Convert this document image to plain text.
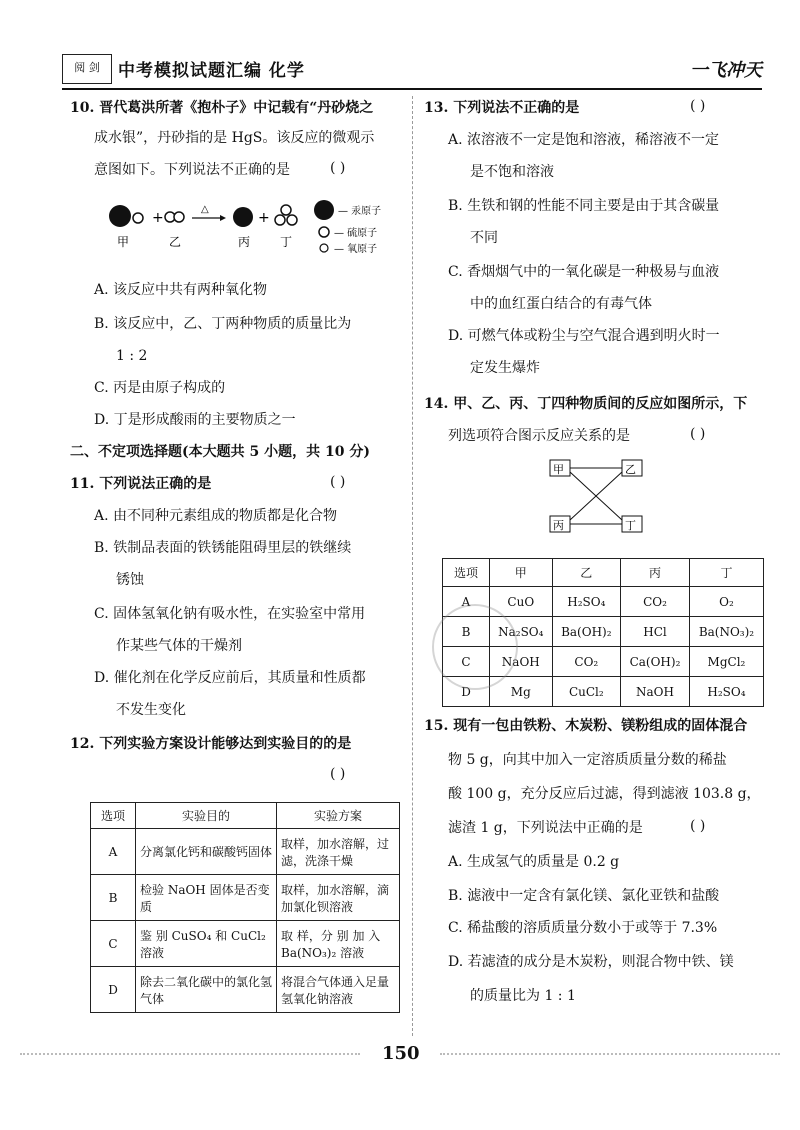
阅 剑	中考模拟试题汇编 化学	一飞冲天
10. 晋代葛洪所著《抱朴子》中记载有“丹砂烧之
成水银”，丹砂指的是 HgS。该反应的微观示
意图如下。下列说法不正确的是	( )
+
△
+
甲	乙	丙 丁
— 汞原子
— 硫原子
— 氧原子
A. 该反应中共有两种氧化物
B. 该反应中，乙、丁两种物质的质量比为
1 : 2
C. 丙是由原子构成的
D. 丁是形成酸雨的主要物质之一
二、不定项选择题(本大题共 5 小题，共 10 分)
11. 下列说法正确的是	( )
A. 由不同种元素组成的物质都是化合物
B. 铁制品表面的铁锈能阻碍里层的铁继续
锈蚀
C. 固体氢氧化钠有吸水性，在实验室中常用
作某些气体的干燥剂
D. 催化剂在化学反应前后，其质量和性质都
不发生变化
12. 下列实验方案设计能够达到实验目的的是
( )
选项	实验目的	实验方案
A	分离氯化钙和碳酸钙固体	取样，加水溶解，过滤，洗涤干燥
B	检验 NaOH 固体是否变质	取样，加水溶解，滴加氯化钡溶液
C	鉴 别 CuSO₄ 和 CuCl₂ 溶液	取 样，分 别 加 入 Ba(NO₃)₂ 溶液
D	除去二氧化碳中的氯化氢气体	将混合气体通入足量氢氧化钠溶液
13. 下列说法不正确的是	( )
A. 浓溶液不一定是饱和溶液，稀溶液不一定
是不饱和溶液
B. 生铁和钢的性能不同主要是由于其含碳量
不同
C. 香烟烟气中的一氧化碳是一种极易与血液
中的血红蛋白结合的有毒气体
D. 可燃气体或粉尘与空气混合遇到明火时一
定发生爆炸
14. 甲、乙、丙、丁四种物质间的反应如图所示，下
列选项符合图示反应关系的是	( )
甲	乙
丙	丁
选项	甲	乙	丙	丁
A	CuO	H₂SO₄	CO₂	O₂
B	Na₂SO₄	Ba(OH)₂	HCl	Ba(NO₃)₂
C	NaOH	CO₂	Ca(OH)₂	MgCl₂
D	Mg	CuCl₂	NaOH	H₂SO₄
15. 现有一包由铁粉、木炭粉、镁粉组成的固体混合
物 5 g，向其中加入一定溶质质量分数的稀盐
酸 100 g，充分反应后过滤，得到滤液 103.8 g，
滤渣 1 g，下列说法中正确的是	( )
A. 生成氢气的质量是 0.2 g
B. 滤液中一定含有氯化镁、氯化亚铁和盐酸
C. 稀盐酸的溶质质量分数小于或等于 7.3%
D. 若滤渣的成分是木炭粉，则混合物中铁、镁
的质量比为 1 : 1
150
